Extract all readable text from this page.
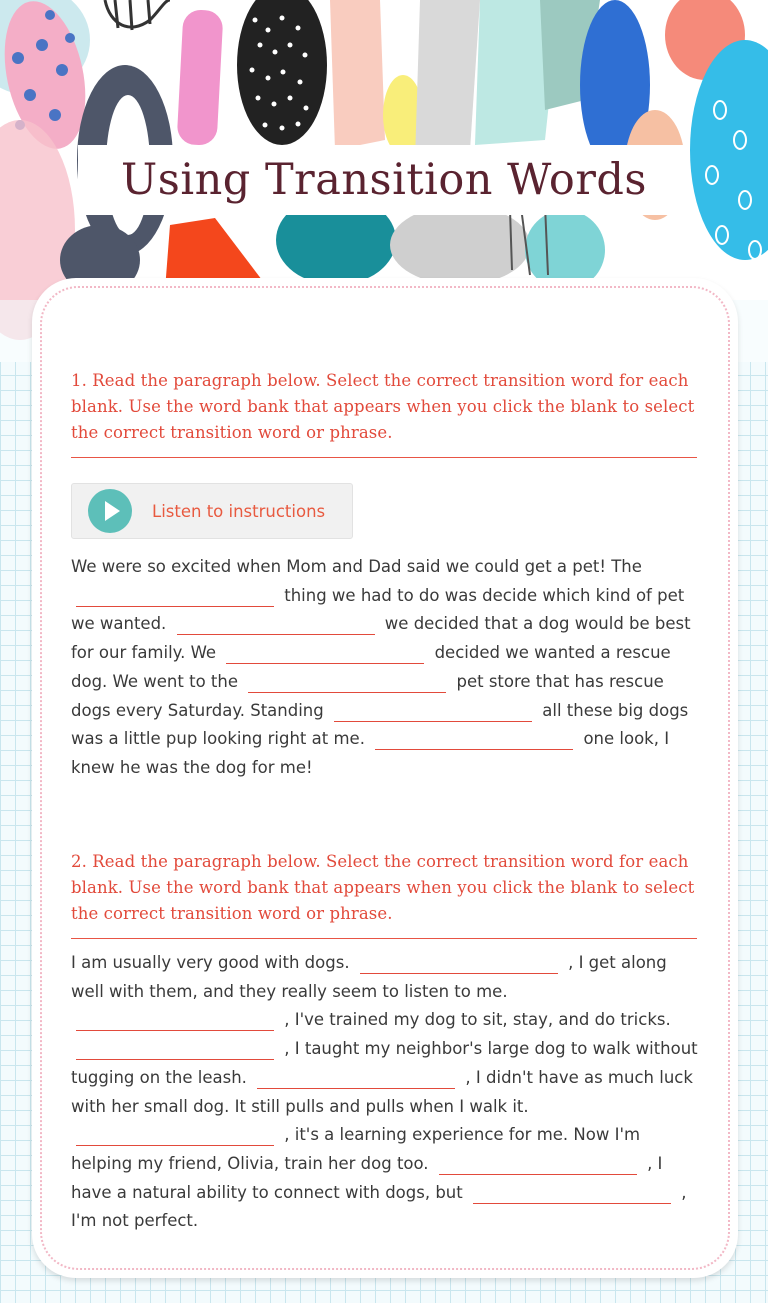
Using Transition Words
1. Read the paragraph below. Select the correct transition word for each blank. Use the word bank that appears when you click the blank to select the correct transition word or phrase.
Listen to instructions
We were so excited when Mom and Dad said we could get a pet! The  thing we had to do was decide which kind of pet we wanted.	we decided that a dog would be best for our family. We	decided we wanted a rescue dog. We went to the	pet store that has rescue dogs every Saturday. Standing	all these big dogs was a little pup looking right at me.	one look, I knew he was the dog for me!
2. Read the paragraph below. Select the correct transition word for each blank. Use the word bank that appears when you click the blank to select the correct transition word or phrase.
I am usually very good with dogs.	, I get along well with them, and they really seem to listen to me.  , I've trained my dog to sit, stay, and do tricks.  , I taught my neighbor's large dog to walk without tugging on the leash.	, I didn't have as much luck with her small dog. It still pulls and pulls when I walk it.  , it's a learning experience for me. Now I'm helping my friend, Olivia, train her dog too.	, I have a natural ability to connect with dogs, but	, I'm not perfect.
